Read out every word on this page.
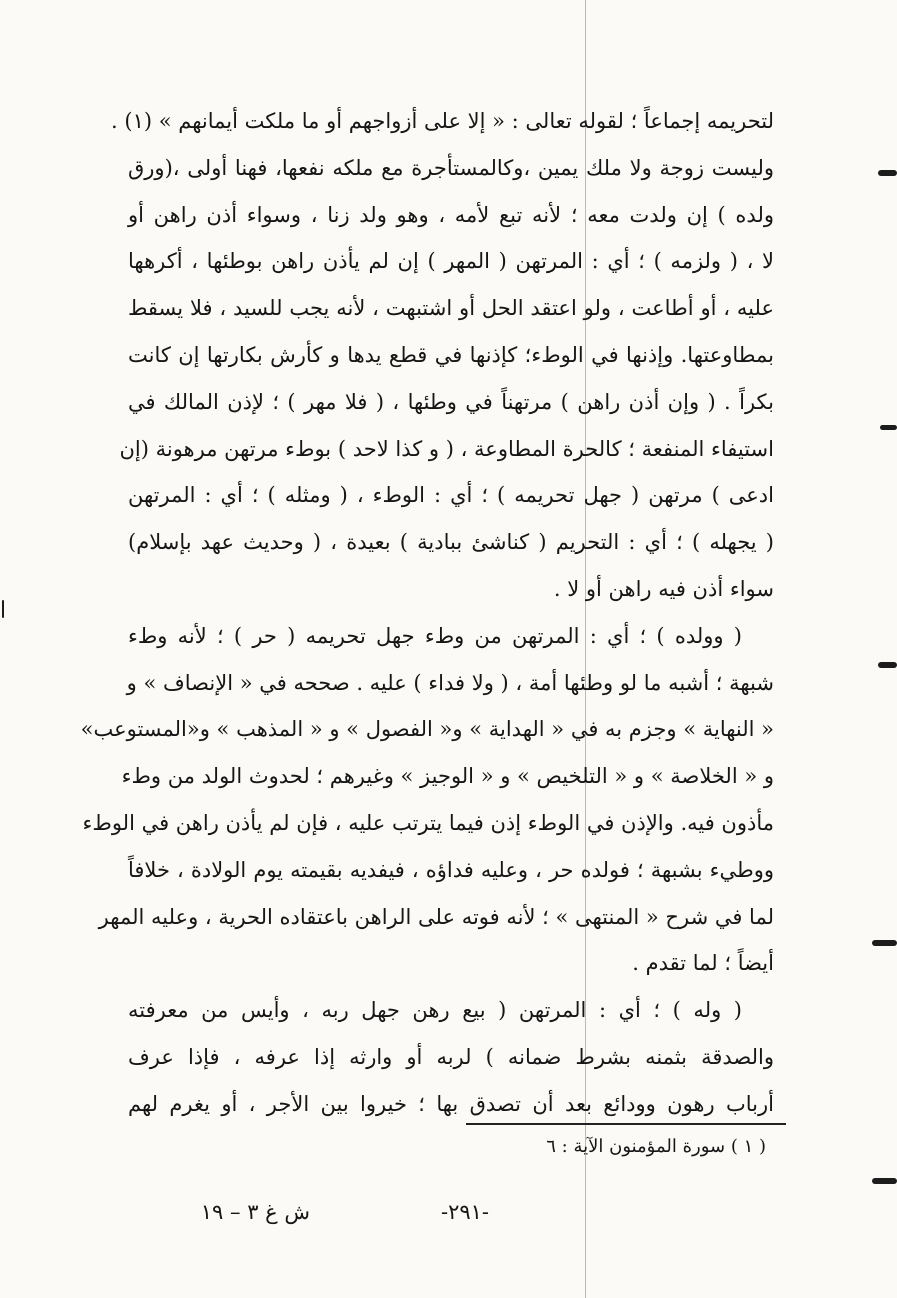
لتحريمه إجماعاً ؛ لقوله تعالى : « إلا على أزواجهم أو ما ملكت أيمانهم » (١) .
وليست زوجة ولا ملك يمين ،وكالمستأجرة مع ملكه نفعها، فهنا أولى ،(ورق
ولده ) إن ولدت معه ؛ لأنه تبع لأمه ، وهو ولد زنا ، وسواء أذن راهن أو
لا ، ( ولزمه ) ؛ أي : المرتهن ( المهر ) إن لم يأذن راهن بوطئها ، أكرهها
عليه ، أو أطاعت ، ولو اعتقد الحل أو اشتبهت ، لأنه يجب للسيد ، فلا يسقط
بمطاوعتها. وإذنها في الوطء؛ كإذنها في قطع يدها و كأرش بكارتها إن كانت
بكراً . ( وإن أذن راهن ) مرتهناً في وطئها ، ( فلا مهر ) ؛ لإذن المالك في
استيفاء المنفعة ؛ كالحرة المطاوعة ، ( و كذا لاحد ) بوطء مرتهن مرهونة (إن
ادعى ) مرتهن ( جهل تحريمه ) ؛ أي : الوطء ، ( ومثله ) ؛ أي : المرتهن
( يجهله ) ؛ أي : التحريم ( كناشئ ببادية ) بعيدة ، ( وحديث عهد بإسلام)
سواء أذن فيه راهن أو لا .
( وولده ) ؛ أي : المرتهن من وطء جهل تحريمه ( حر ) ؛ لأنه وطء
شبهة ؛ أشبه ما لو وطئها أمة ، ( ولا فداء ) عليه . صححه في « الإنصاف » و
« النهاية » وجزم به في « الهداية » و« الفصول » و « المذهب » و«المستوعب»
و « الخلاصة » و « التلخيص » و « الوجيز » وغيرهم ؛ لحدوث الولد من وطء
مأذون فيه. والإذن في الوطء إذن فيما يترتب عليه ، فإن لم يأذن راهن في الوطء
ووطيء بشبهة ؛ فولده حر ، وعليه فداؤه ، فيفديه بقيمته يوم الولادة ، خلافاً
لما في شرح « المنتهى » ؛ لأنه فوته على الراهن باعتقاده الحرية ، وعليه المهر
أيضاً ؛ لما تقدم .
( وله ) ؛ أي : المرتهن ( بيع رهن جهل ربه ، وأيس من معرفته
والصدقة بثمنه بشرط ضمانه ) لربه أو وارثه إذا عرفه ، فإذا عرف
أرباب رهون وودائع بعد أن تصدق بها ؛ خيروا بين الأجر ، أو يغرم لهم
( ١ ) سورة المؤمنون الآية : ٦
-٢٩١-
ش غ ٣ – ١٩
